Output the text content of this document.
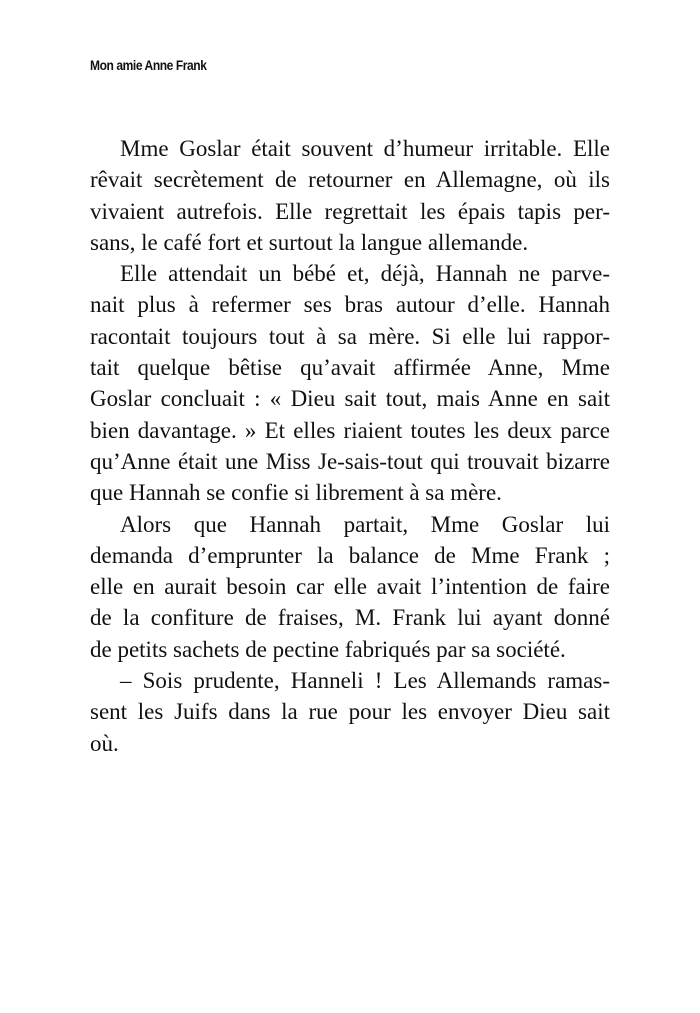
Mon amie Anne Frank
Mme Goslar était souvent d’humeur irritable. Elle
rêvait secrètement de retourner en Allemagne, où ils
vivaient autrefois. Elle regrettait les épais tapis per-
sans, le café fort et surtout la langue allemande.
Elle attendait un bébé et, déjà, Hannah ne parve-
nait plus à refermer ses bras autour d’elle. Hannah
racontait toujours tout à sa mère. Si elle lui rappor-
tait quelque bêtise qu’avait affirmée Anne, Mme
Goslar concluait : « Dieu sait tout, mais Anne en sait
bien davantage. » Et elles riaient toutes les deux parce
qu’Anne était une Miss Je-sais-tout qui trouvait bizarre
que Hannah se confie si librement à sa mère.
Alors que Hannah partait, Mme Goslar lui
demanda d’emprunter la balance de Mme Frank ;
elle en aurait besoin car elle avait l’intention de faire
de la confiture de fraises, M. Frank lui ayant donné
de petits sachets de pectine fabriqués par sa société.
– Sois prudente, Hanneli ! Les Allemands ramas-
sent les Juifs dans la rue pour les envoyer Dieu sait
où.
